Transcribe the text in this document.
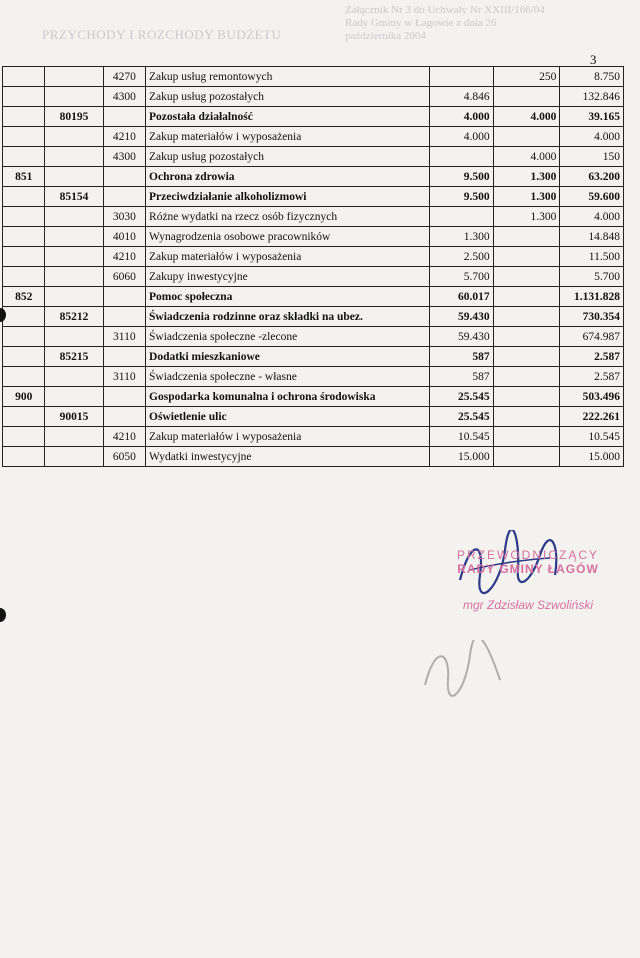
PRZYCHODY I ROZCHODY BUDŻETU
Załącznik Nr 3 do Uchwały Nr XXIII/166/04 Rady Gminy w Łagowie z dnia 26 października 2004
3
		4270	Zakup usług remontowych		250	8.750
		4300	Zakup usług pozostałych	4.846		132.846
	80195		Pozostała działalność	4.000	4.000	39.165
		4210	Zakup materiałów i wyposażenia	4.000		4.000
		4300	Zakup usług pozostałych		4.000	150
851			Ochrona zdrowia	9.500	1.300	63.200
	85154		Przeciwdziałanie alkoholizmowi	9.500	1.300	59.600
		3030	Różne wydatki na rzecz osób fizycznych		1.300	4.000
		4010	Wynagrodzenia osobowe pracowników	1.300		14.848
		4210	Zakup materiałów i wyposażenia	2.500		11.500
		6060	Zakupy inwestycyjne	5.700		5.700
852			Pomoc społeczna	60.017		1.131.828
	85212		Świadczenia rodzinne oraz składki na ubez.	59.430		730.354
		3110	Świadczenia społeczne -zlecone	59.430		674.987
	85215		Dodatki mieszkaniowe	587		2.587
		3110	Świadczenia społeczne - własne	587		2.587
900			Gospodarka komunalna i ochrona środowiska	25.545		503.496
	90015		Oświetlenie ulic	25.545		222.261
		4210	Zakup materiałów i wyposażenia	10.545		10.545
		6050	Wydatki inwestycyjne	15.000		15.000
PRZEWODNICZĄCY
RADY GMINY ŁAGÓW
mgr Zdzisław Szwoliński
